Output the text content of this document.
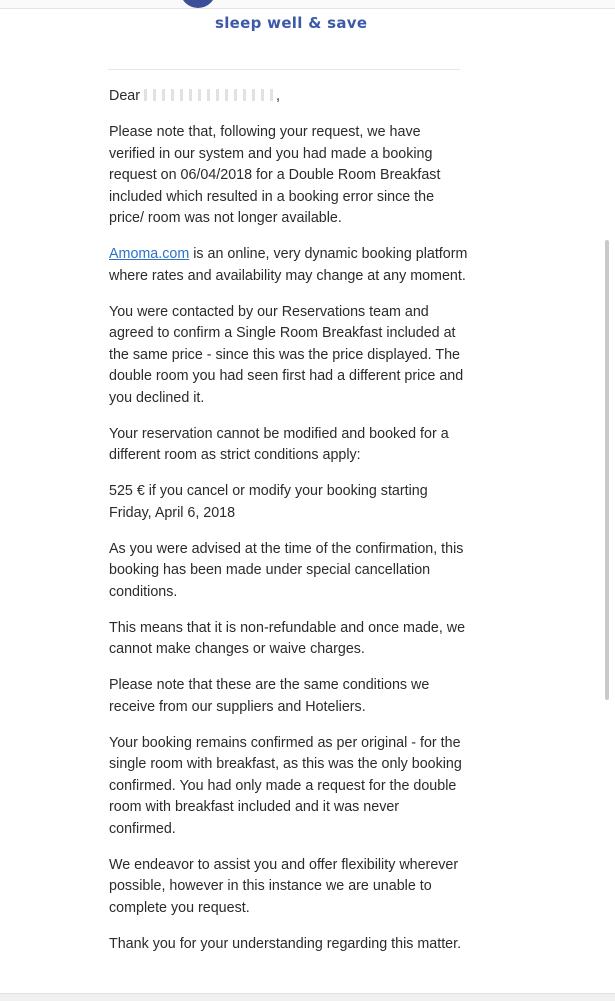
sleep well & save

Dear	,

Please note that, following your request, we have verified in our system and you had made a booking request on 06/04/2018 for a Double Room Breakfast included which resulted in a booking error since the price/ room was not longer available.

Amoma.com is an online, very dynamic booking platform where rates and availability may change at any moment.

You were contacted by our Reservations team and agreed to confirm a Single Room Breakfast included at the same price - since this was the price displayed. The double room you had seen first had a different price and you declined it.

Your reservation cannot be modified and booked for a different room as strict conditions apply:

525 € if you cancel or modify your booking starting Friday, April 6, 2018

As you were advised at the time of the confirmation, this booking has been made under special cancellation conditions.

This means that it is non-refundable and once made, we cannot make changes or waive charges.

Please note that these are the same conditions we receive from our suppliers and Hoteliers.

Your booking remains confirmed as per original - for the single room with breakfast, as this was the only booking confirmed. You had only made a request for the double room with breakfast included and it was never confirmed.

We endeavor to assist you and offer flexibility wherever possible, however in this instance we are unable to complete you request.

Thank you for your understanding regarding this matter.
